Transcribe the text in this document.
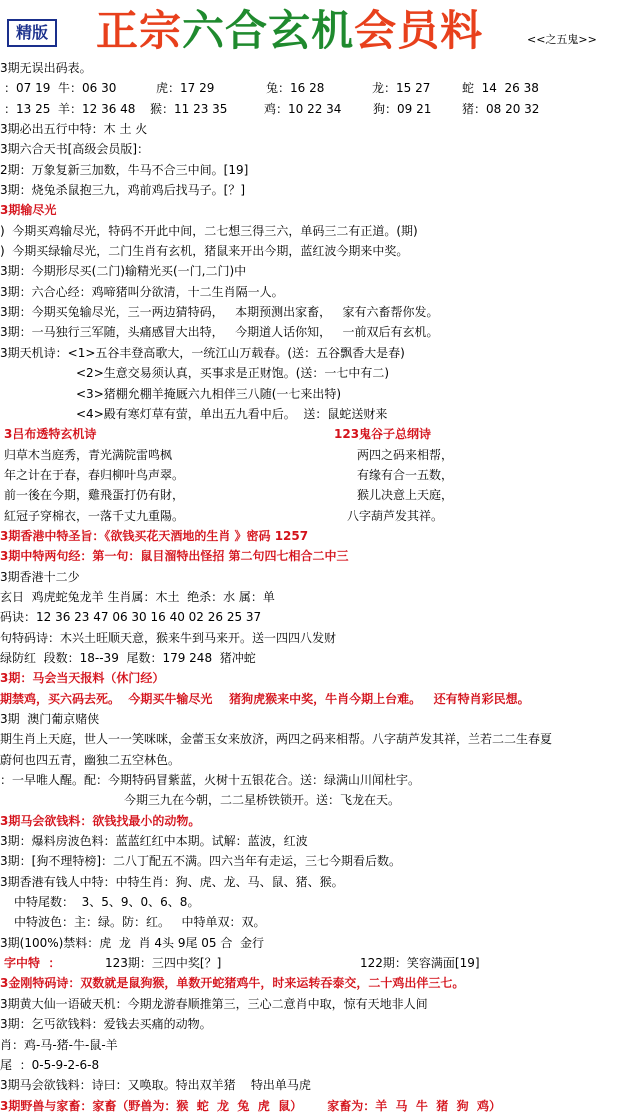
精版 正宗六合玄机会员料	<<之五鬼>>
3期无误出码表。
：07 19  牛：06 30	虎：17 29	兔：16 28	龙：15 27	蛇  14  26 38
：13 25  羊：12 36 48 猴：11 23 35	鸡：10 22 34	狗：09 21	猪：08 20 32
3期必出五行中特：木 土 火
3期六合天书[高级会员版]：
2期：万象复新三加数，牛马不合三中间。[19]
3期：烧兔杀鼠抱三九，鸡前鸡后找马子。[？]
3期输尽光
)  今期买鸡输尽光，特码不开此中间，二七想三得三六，单码三二有正道。(期)
)  今期买绿输尽光，二门生肖有玄机，猪鼠来开出今期，蓝红波今期来中奖。
3期：今期形尽买(二门)输精光买(一门,二门)中
3期：六合心经：鸡啼猪叫分欲清，十二生肖隔一人。
3期：今期买兔输尽光，三一两边猜特码，   本期预测出家畜，   家有六畜帮你发。
3期：一马独行三军随，头痛感冒大出特，   今期道人话你知，   一前双后有玄机。
3期天机诗：<1>五谷丰登高歌大，一统江山万载春。(送：五谷飘香大是春)
<2>生意交易须认真，买事求是正财饱。(送：一七中有二)
<3>猪棚允棚羊掩厩六九相伴三八随(一七来出特)
<4>殿有寒灯草有萤，单出五九看中后。  送：鼠蛇送财来
3吕布透特玄机诗	123鬼谷子总纲诗
归草木当庭秀，青光满院雷鸣枫	两四之码来相帮，
年之计在于春，春归柳叶鸟声翠。	有缘有合一五数，
前一後在今期，雞飛蛋打仍有財，	猴儿决意上天庭，
紅冠子穿棉衣，一落千丈九重陽。	八字葫芦发其祥。
3期香港中特圣旨：《欲钱买花天酒地的生肖 》密码 1257
3期中特两句经：第一句：鼠目溜特出怪招 第二句四七相合二中三
3期香港十二少
玄日  鸡虎蛇兔龙羊 生肖属：木土  绝杀：水 属：单
码诀：12 36 23 47 06 30 16 40 02 26 25 37
句特码诗：木兴土旺顺天意，猴来牛到马来开。送一四四八发财
绿防红  段数：18--39  尾数：179 248  猪冲蛇
3期：马会当天报料（休门经）
期禁鸡，买六码去死。  今期买牛输尽光    猪狗虎猴来中奖，牛肖今期上台难。   还有特肖彩民想。
3期  澳门葡京赌侠
期生肖上天庭，世人一一笑咪咪，金蕾玉女来放济，两四之码来相帮。八字葫芦发其祥，兰若二二生春夏
蔚何也四五青，幽独二五空林色。
：一早唯人醒。配：今期特码冒紫蓝，火树十五银花合。送：绿满山川闻杜宇。
今期三九在今朝，二二星桥铁锁开。送：飞龙在天。
3期马会欲钱料：欲钱找最小的动物。
3期：爆料房波色料：蓝蓝红红中本期。试解：蓝波，红波
3期：[狗不理特榜]：二八丁配五不满。四六当年有走运，三七今期看后数。
3期香港有钱人中特：中特生肖：狗、虎、龙、马、鼠、猪、猴。
中特尾数：  3、5、9、0、6、8。
中特波色：主：绿。防：红。   中特单双：双。
3期(100%)禁料：虎  龙  肖 4头 9尾 05 合  金行
字中特  ：	123期：三四中奖[？]	122期：笑容满面[19]
3金刚特码诗：双数就是鼠狗猴，单数开蛇猪鸡牛，时来运转吞泰交，二十鸡出伴三七。
3期黄大仙一语破天机：今期龙游春顺推第三，三心二意肖中取，惊有天地非人间
3期：乞丐欲钱料：爱钱去买痛的动物。
肖：鸡-马-猪-牛-鼠-羊
尾  ：0-5-9-2-6-8
3期马会欲钱料：诗曰：又唤取。特出双羊猪    特出单马虎
3期野兽与家畜：家畜（野兽为：猴  蛇  龙  兔  虎  鼠）      家畜为：羊  马  牛  猪  狗  鸡）
